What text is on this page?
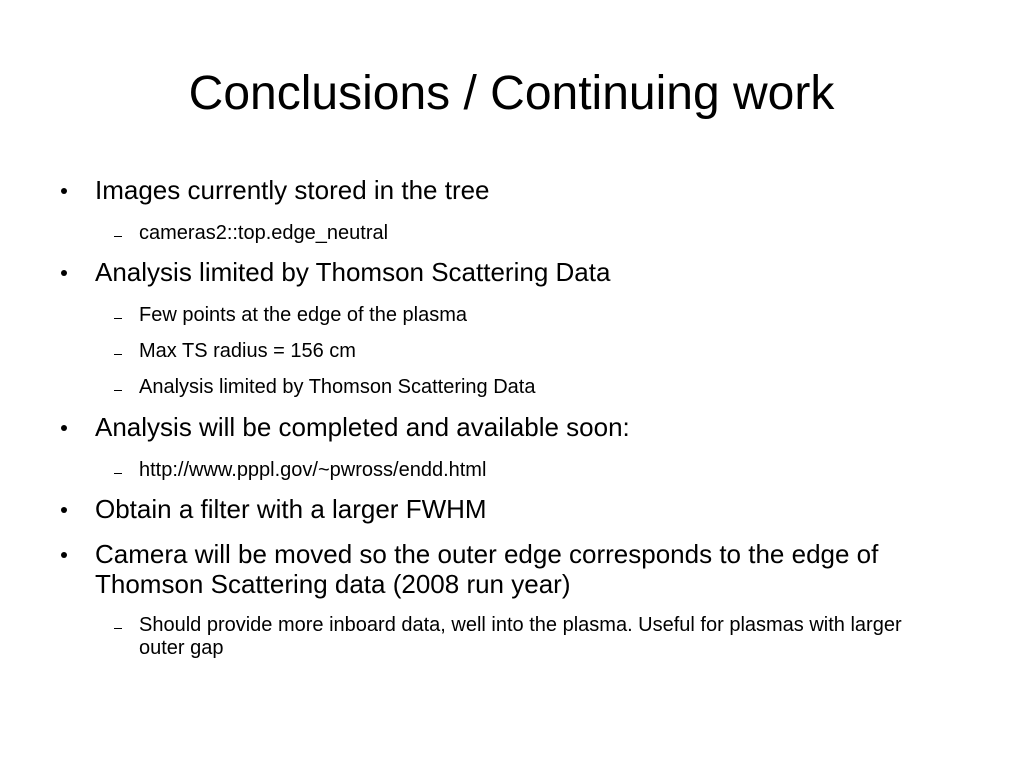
Conclusions / Continuing work
Images currently stored in the tree
cameras2::top.edge_neutral
Analysis limited by Thomson Scattering Data
Few points at the edge of the plasma
Max TS radius = 156 cm
Analysis limited by Thomson Scattering Data
Analysis will be completed and available soon:
http://www.pppl.gov/~pwross/endd.html
Obtain a filter with a larger FWHM
Camera will be moved so the outer edge corresponds to the edge of Thomson Scattering data (2008 run year)
Should provide more inboard data, well into the plasma. Useful for plasmas with larger outer gap
